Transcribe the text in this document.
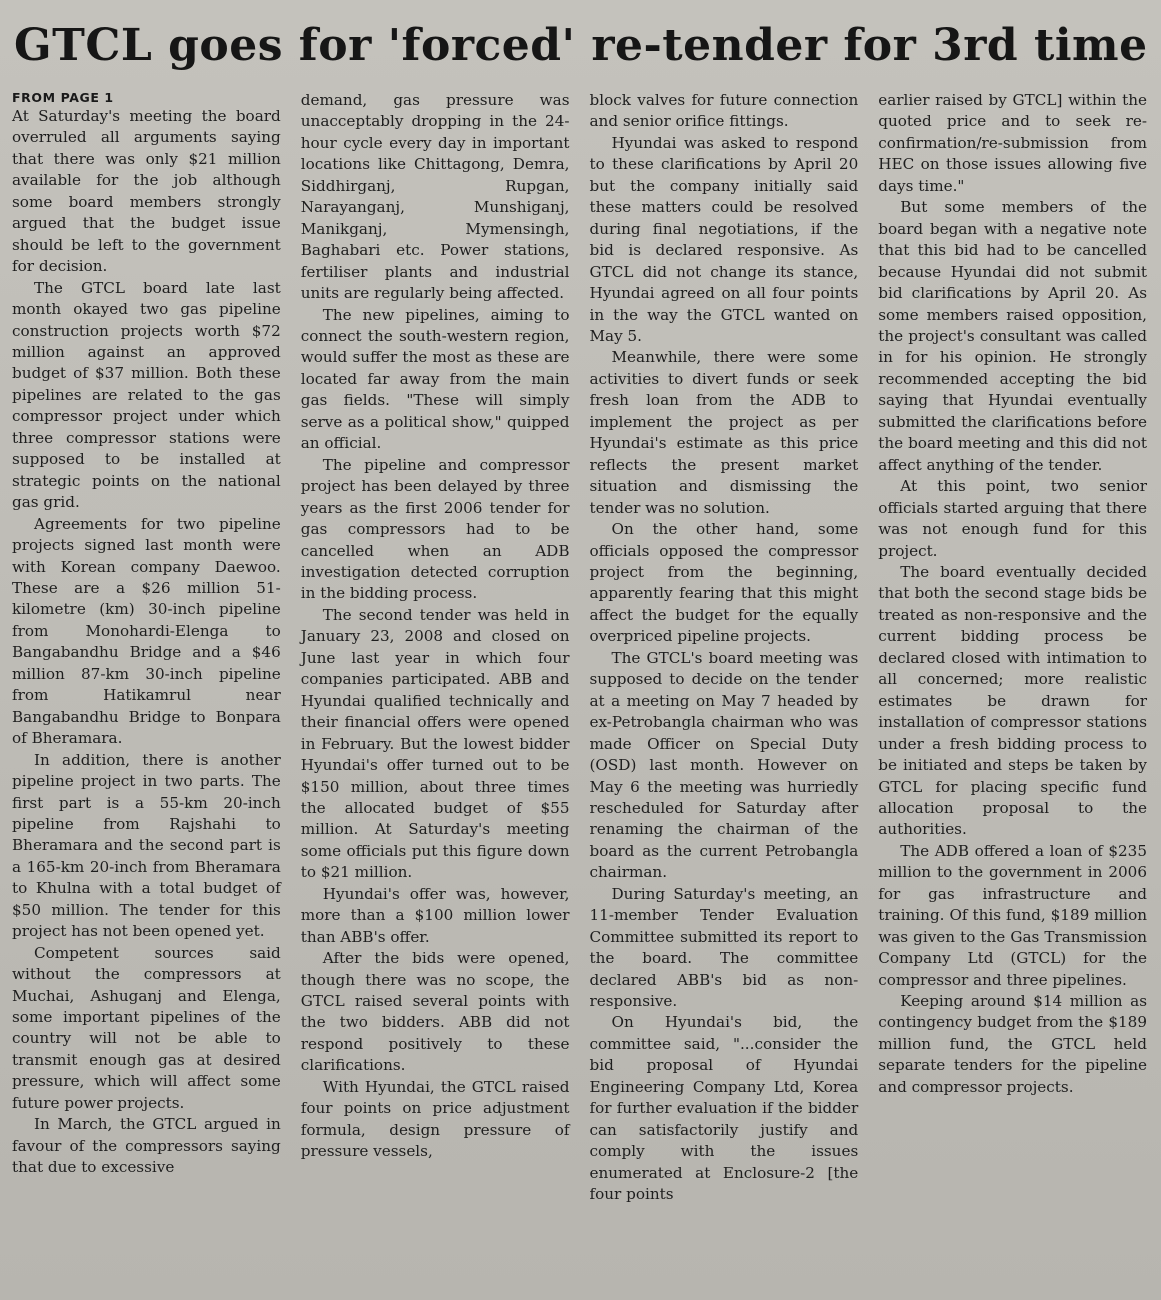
GTCL goes for 'forced' re-tender for 3rd time
FROM PAGE 1

At Saturday's meeting the board overruled all arguments saying that there was only $21 million available for the job although some board members strongly argued that the budget issue should be left to the government for decision.

The GTCL board late last month okayed two gas pipeline construction projects worth $72 million against an approved budget of $37 million. Both these pipelines are related to the gas compressor project under which three compressor stations were supposed to be installed at strategic points on the national gas grid.

Agreements for two pipeline projects signed last month were with Korean company Daewoo. These are a $26 million 51-kilometre (km) 30-inch pipeline from Monohardi-Elenga to Bangabandhu Bridge and a $46 million 87-km 30-inch pipeline from Hatikamrul near Bangabandhu Bridge to Bonpara of Bheramara.

In addition, there is another pipeline project in two parts. The first part is a 55-km 20-inch pipeline from Rajshahi to Bheramara and the second part is a 165-km 20-inch from Bheramara to Khulna with a total budget of $50 million. The tender for this project has not been opened yet.

Competent sources said without the compressors at Muchai, Ashuganj and Elenga, some important pipelines of the country will not be able to transmit enough gas at desired pressure, which will affect some future power projects.

In March, the GTCL argued in favour of the compressors saying that due to excessive

demand, gas pressure was unacceptably dropping in the 24-hour cycle every day in important locations like Chittagong, Demra, Siddhirganj, Rupgan, Narayanganj, Munshiganj, Manikganj, Mymensingh, Baghabari etc. Power stations, fertiliser plants and industrial units are regularly being affected.

The new pipelines, aiming to connect the south-western region, would suffer the most as these are located far away from the main gas fields. "These will simply serve as a political show," quipped an official.

The pipeline and compressor project has been delayed by three years as the first 2006 tender for gas compressors had to be cancelled when an ADB investigation detected corruption in the bidding process.

The second tender was held in January 23, 2008 and closed on June last year in which four companies participated. ABB and Hyundai qualified technically and their financial offers were opened in February. But the lowest bidder Hyundai's offer turned out to be $150 million, about three times the allocated budget of $55 million. At Saturday's meeting some officials put this figure down to $21 million.

Hyundai's offer was, however, more than a $100 million lower than ABB's offer.

After the bids were opened, though there was no scope, the GTCL raised several points with the two bidders. ABB did not respond positively to these clarifications.

With Hyundai, the GTCL raised four points on price adjustment formula, design pressure of pressure vessels,

block valves for future connection and senior orifice fittings.

Hyundai was asked to respond to these clarifications by April 20 but the company initially said these matters could be resolved during final negotiations, if the bid is declared responsive. As GTCL did not change its stance, Hyundai agreed on all four points in the way the GTCL wanted on May 5.

Meanwhile, there were some activities to divert funds or seek fresh loan from the ADB to implement the project as per Hyundai's estimate as this price reflects the present market situation and dismissing the tender was no solution.

On the other hand, some officials opposed the compressor project from the beginning, apparently fearing that this might affect the budget for the equally overpriced pipeline projects.

The GTCL's board meeting was supposed to decide on the tender at a meeting on May 7 headed by ex-Petrobangla chairman who was made Officer on Special Duty (OSD) last month. However on May 6 the meeting was hurriedly rescheduled for Saturday after renaming the chairman of the board as the current Petrobangla chairman.

During Saturday's meeting, an 11-member Tender Evaluation Committee submitted its report to the board. The committee declared ABB's bid as non-responsive.

On Hyundai's bid, the committee said, "...consider the bid proposal of Hyundai Engineering Company Ltd, Korea for further evaluation if the bidder can satisfactorily justify and comply with the issues enumerated at Enclosure-2 [the four points

earlier raised by GTCL] within the quoted price and to seek re-confirmation/re-submission from HEC on those issues allowing five days time."

But some members of the board began with a negative note that this bid had to be cancelled because Hyundai did not submit bid clarifications by April 20. As some members raised opposition, the project's consultant was called in for his opinion. He strongly recommended accepting the bid saying that Hyundai eventually submitted the clarifications before the board meeting and this did not affect anything of the tender.

At this point, two senior officials started arguing that there was not enough fund for this project.

The board eventually decided that both the second stage bids be treated as non-responsive and the current bidding process be declared closed with intimation to all concerned; more realistic estimates be drawn for installation of compressor stations under a fresh bidding process to be initiated and steps be taken by GTCL for placing specific fund allocation proposal to the authorities.

The ADB offered a loan of $235 million to the government in 2006 for gas infrastructure and training. Of this fund, $189 million was given to the Gas Transmission Company Ltd (GTCL) for the compressor and three pipelines.

Keeping around $14 million as contingency budget from the $189 million fund, the GTCL held separate tenders for the pipeline and compressor projects.
